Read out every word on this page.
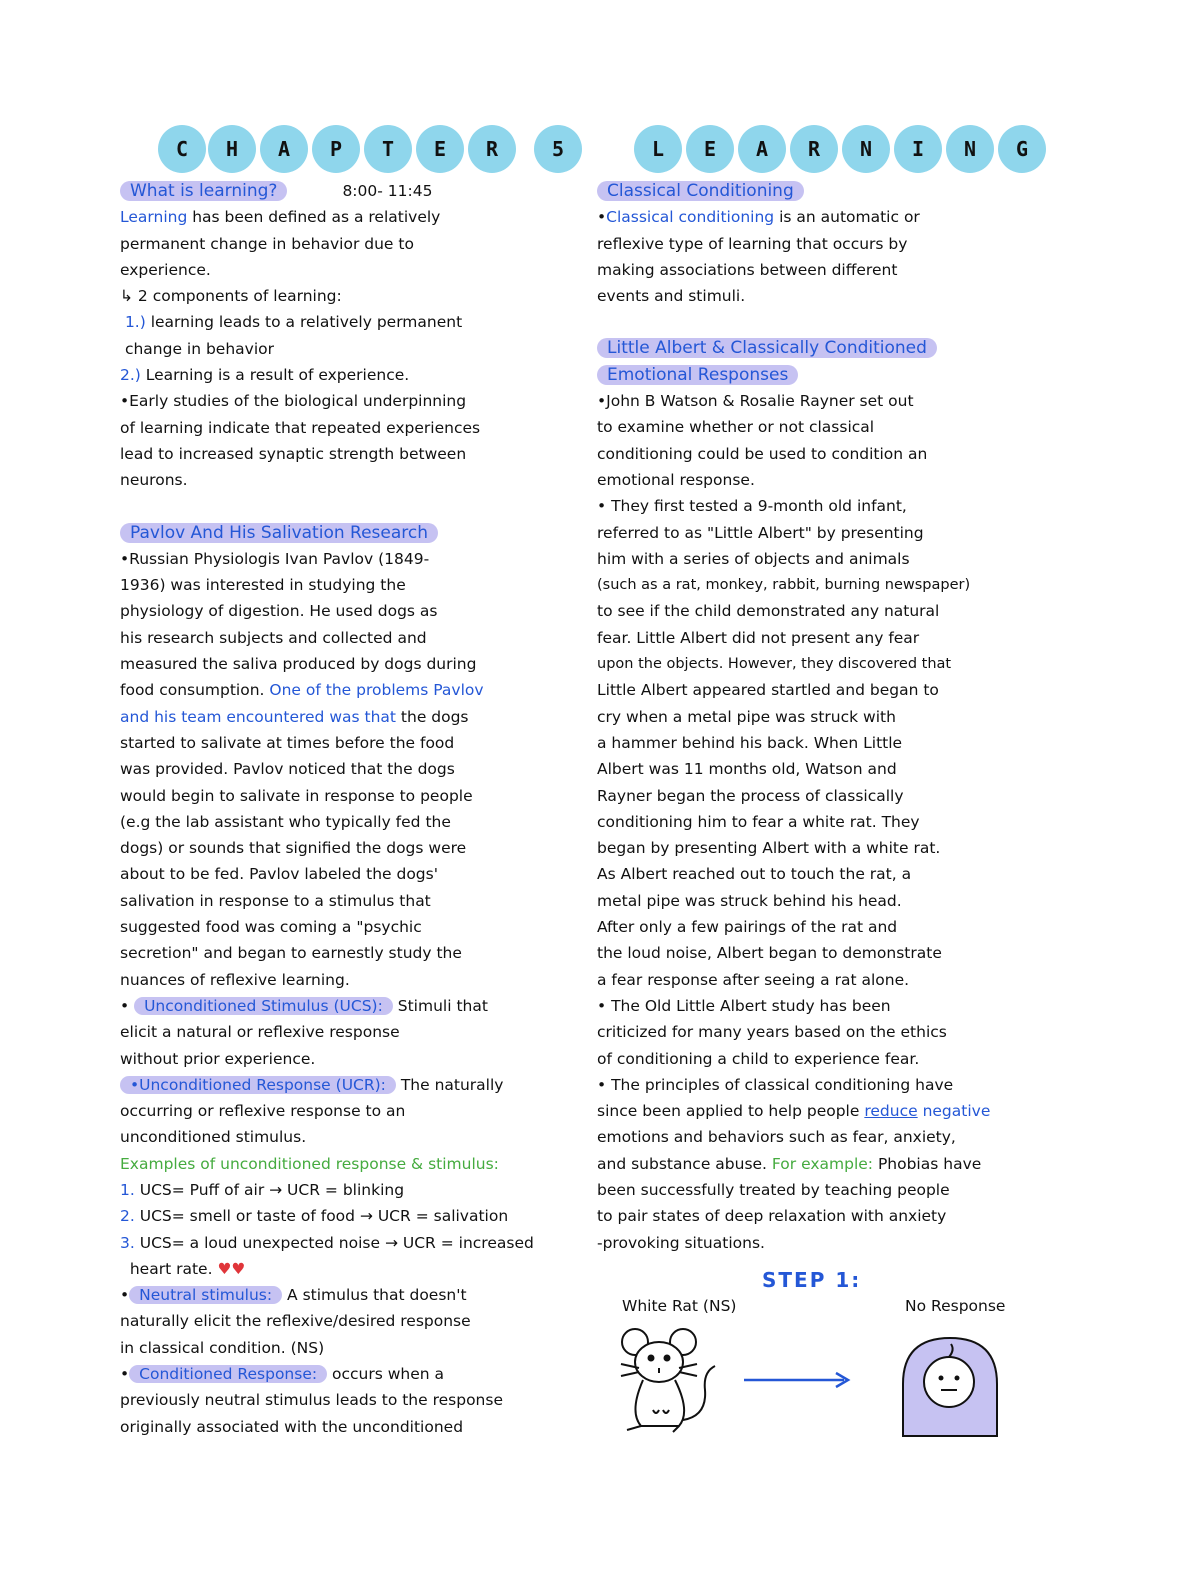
C	H	A	P	T	E	R	5	L	E	A	R	N	I	N	G

What is learning?	8:00- 11:45

Learning has been defined as a relatively

permanent change in behavior due to

experience.

↳ 2 components of learning:

1.) learning leads to a relatively permanent

change in behavior

2.) Learning is a result of experience.

•Early studies of the biological underpinning

of learning indicate that repeated experiences

lead to increased synaptic strength between

neurons.

Pavlov And His Salivation Research

•Russian Physiologis Ivan Pavlov (1849-

1936) was interested in studying the

physiology of digestion. He used dogs as

his research subjects and collected and

measured the saliva produced by dogs during

food consumption. One of the problems Pavlov

and his team encountered was that the dogs

started to salivate at times before the food

was provided. Pavlov noticed that the dogs

would begin to salivate in response to people

(e.g the lab assistant who typically fed the

dogs) or sounds that signified the dogs were

about to be fed. Pavlov labeled the dogs'

salivation in response to a stimulus that

suggested food was coming a "psychic

secretion" and began to earnestly study the

nuances of reflexive learning.

• Unconditioned Stimulus (UCS): Stimuli that

elicit a natural or reflexive response

without prior experience.

•Unconditioned Response (UCR): The naturally

occurring or reflexive response to an

unconditioned stimulus.

Examples of unconditioned response & stimulus:

1. UCS= Puff of air → UCR = blinking

2. UCS= smell or taste of food → UCR = salivation

3. UCS= a loud unexpected noise → UCR = increased

heart rate. ♥♥

• Neutral stimulus: A stimulus that doesn't

naturally elicit the reflexive/desired response

in classical condition. (NS)

• Conditioned Response: occurs when a

previously neutral stimulus leads to the response

originally associated with the unconditioned

Classical Conditioning

•Classical conditioning is an automatic or

reflexive type of learning that occurs by

making associations between different

events and stimuli.

Little Albert & Classically Conditioned

Emotional Responses

•John B Watson & Rosalie Rayner set out

to examine whether or not classical

conditioning could be used to condition an

emotional response.

• They first tested a 9-month old infant,

referred to as "Little Albert" by presenting

him with a series of objects and animals

(such as a rat, monkey, rabbit, burning newspaper)

to see if the child demonstrated any natural

fear. Little Albert did not present any fear

upon the objects. However, they discovered that

Little Albert appeared startled and began to

cry when a metal pipe was struck with

a hammer behind his back. When Little

Albert was 11 months old, Watson and

Rayner began the process of classically

conditioning him to fear a white rat. They

began by presenting Albert with a white rat.

As Albert reached out to touch the rat, a

metal pipe was struck behind his head.

After only a few pairings of the rat and

the loud noise, Albert began to demonstrate

a fear response after seeing a rat alone.

• The Old Little Albert study has been

criticized for many years based on the ethics

of conditioning a child to experience fear.

• The principles of classical conditioning have

since been applied to help people reduce negative

emotions and behaviors such as fear, anxiety,

and substance abuse. For example: Phobias have

been successfully treated by teaching people

to pair states of deep relaxation with anxiety

-provoking situations.

STEP 1:
White Rat (NS)	No Response
